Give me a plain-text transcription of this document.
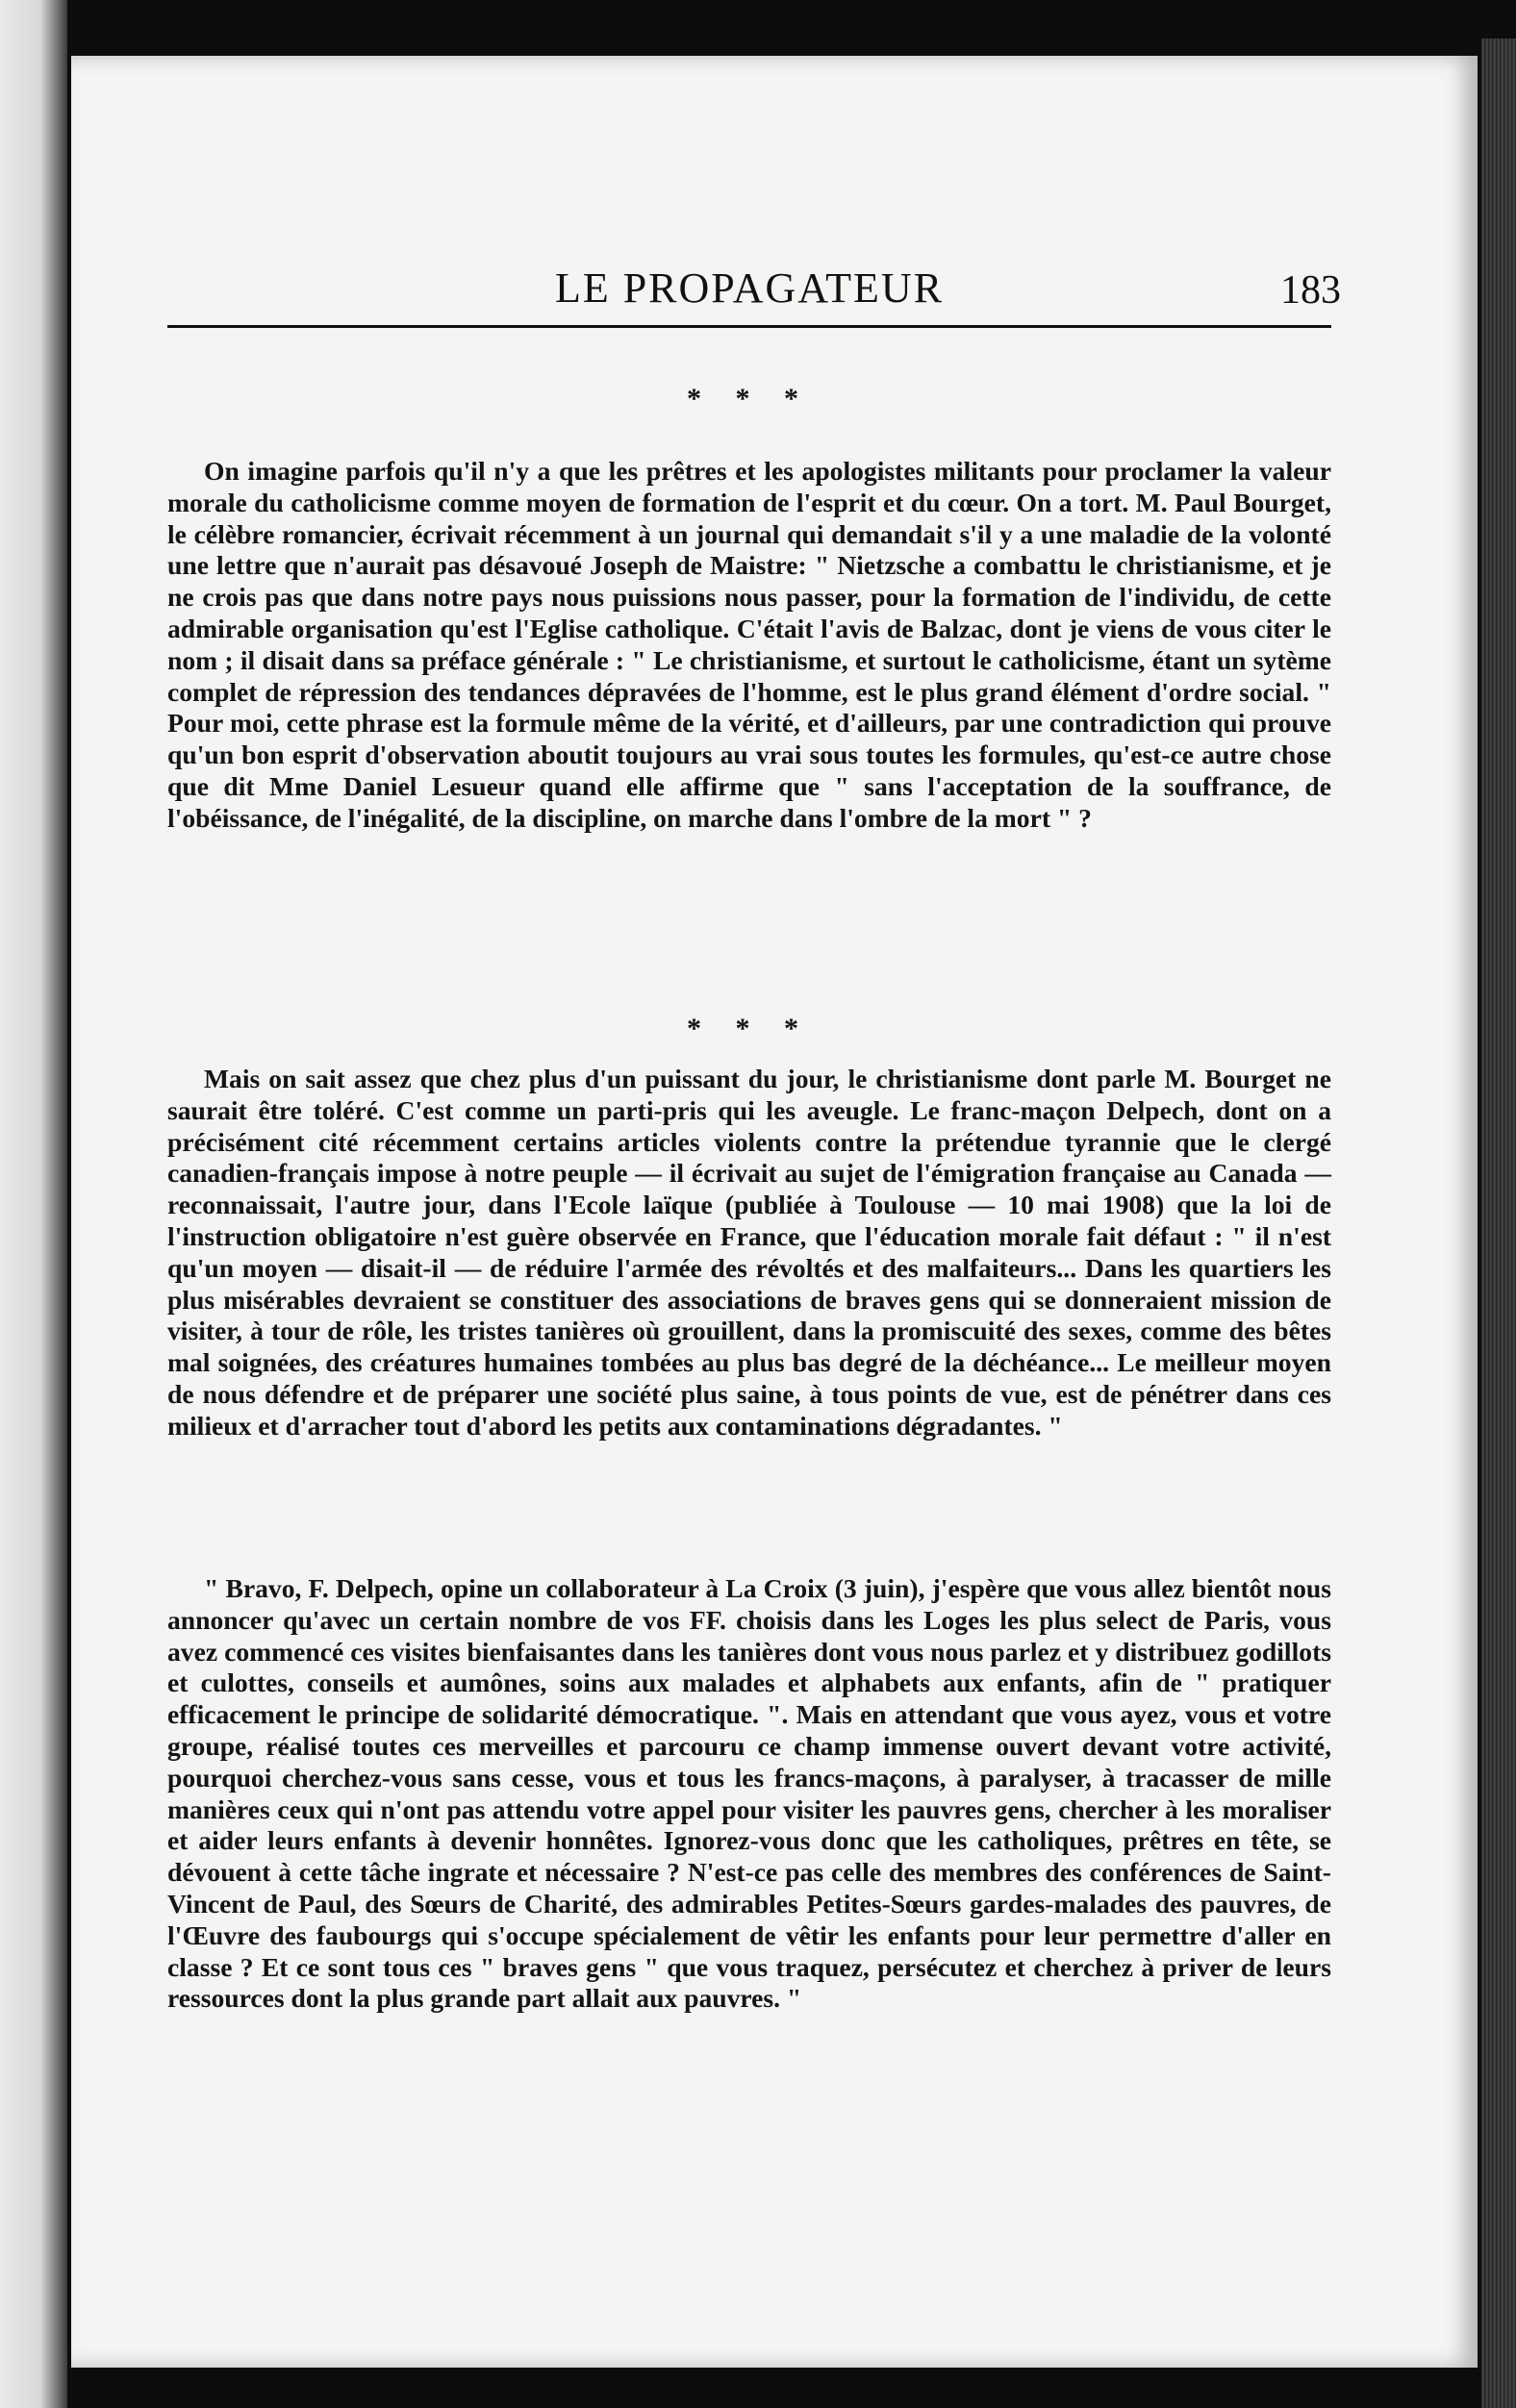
LE PROPAGATEUR	183
* * *

On imagine parfois qu'il n'y a que les prêtres et les apologistes militants pour proclamer la valeur morale du catholicisme comme moyen de formation de l'esprit et du cœur. On a tort. M. Paul Bourget, le célèbre romancier, écrivait récemment à un journal qui demandait s'il y a une maladie de la volonté une lettre que n'aurait pas désavoué Joseph de Maistre: " Nietzsche a combattu le christianisme, et je ne crois pas que dans notre pays nous puissions nous passer, pour la formation de l'individu, de cette admirable organisation qu'est l'Eglise catholique. C'était l'avis de Balzac, dont je viens de vous citer le nom ; il disait dans sa préface générale : " Le christianisme, et surtout le catholicisme, étant un sytème complet de répression des tendances dépravées de l'homme, est le plus grand élément d'ordre social. " Pour moi, cette phrase est la formule même de la vérité, et d'ailleurs, par une contradiction qui prouve qu'un bon esprit d'observation aboutit toujours au vrai sous toutes les formules, qu'est-ce autre chose que dit Mme Daniel Lesueur quand elle affirme que " sans l'acceptation de la souffrance, de l'obéissance, de l'inégalité, de la discipline, on marche dans l'ombre de la mort " ?

* * *

Mais on sait assez que chez plus d'un puissant du jour, le christianisme dont parle M. Bourget ne saurait être toléré. C'est comme un parti-pris qui les aveugle. Le franc-maçon Delpech, dont on a précisément cité récemment certains articles violents contre la prétendue tyrannie que le clergé canadien-français impose à notre peuple — il écrivait au sujet de l'émigration française au Canada — reconnaissait, l'autre jour, dans l'Ecole laïque (publiée à Toulouse — 10 mai 1908) que la loi de l'instruction obligatoire n'est guère observée en France, que l'éducation morale fait défaut : " il n'est qu'un moyen — disait-il — de réduire l'armée des révoltés et des malfaiteurs... Dans les quartiers les plus misérables devraient se constituer des associations de braves gens qui se donneraient mission de visiter, à tour de rôle, les tristes tanières où grouillent, dans la promiscuité des sexes, comme des bêtes mal soignées, des créatures humaines tombées au plus bas degré de la déchéance... Le meilleur moyen de nous défendre et de préparer une société plus saine, à tous points de vue, est de pénétrer dans ces milieux et d'arracher tout d'abord les petits aux contaminations dégradantes. "

" Bravo, F. Delpech, opine un collaborateur à La Croix (3 juin), j'espère que vous allez bientôt nous annoncer qu'avec un certain nombre de vos FF. choisis dans les Loges les plus select de Paris, vous avez commencé ces visites bienfaisantes dans les tanières dont vous nous parlez et y distribuez godillots et culottes, conseils et aumônes, soins aux malades et alphabets aux enfants, afin de " pratiquer efficacement le principe de solidarité démocratique. ". Mais en attendant que vous ayez, vous et votre groupe, réalisé toutes ces merveilles et parcouru ce champ immense ouvert devant votre activité, pourquoi cherchez-vous sans cesse, vous et tous les francs-maçons, à paralyser, à tracasser de mille manières ceux qui n'ont pas attendu votre appel pour visiter les pauvres gens, chercher à les moraliser et aider leurs enfants à devenir honnêtes. Ignorez-vous donc que les catholiques, prêtres en tête, se dévouent à cette tâche ingrate et nécessaire ? N'est-ce pas celle des membres des conférences de Saint-Vincent de Paul, des Sœurs de Charité, des admirables Petites-Sœurs gardes-malades des pauvres, de l'Œuvre des faubourgs qui s'occupe spécialement de vêtir les enfants pour leur permettre d'aller en classe ? Et ce sont tous ces " braves gens " que vous traquez, persécutez et cherchez à priver de leurs ressources dont la plus grande part allait aux pauvres. "
